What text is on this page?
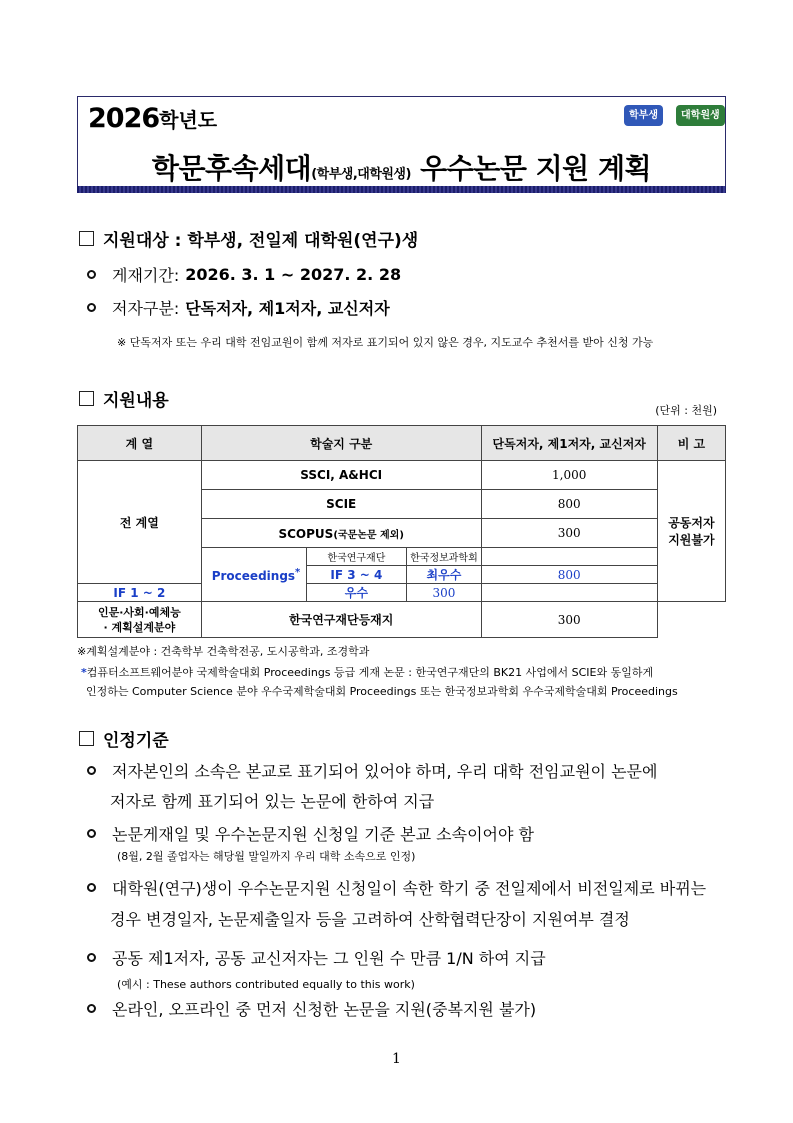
2026학년도	학부생	대학원생
학문후속세대(학부생,대학원생) 우수논문 지원 계획
지원대상 : 학부생, 전일제 대학원(연구)생
게재기간: 2026. 3. 1 ~ 2027. 2. 28
저자구분: 단독저자, 제1저자, 교신저자
※ 단독저자 또는 우리 대학 전임교원이 함께 저자로 표기되어 있지 않은 경우, 지도교수 추천서를 받아 신청 가능
지원내용	(단위 : 천원)
계 열	학술지 구분			단독저자, 제1저자, 교신저자	비 고
전 계열	SSCI, A&HCI			1,000	공동저자
지원불가

	SCIE			800	
	SCOPUS(국문논문 제외)			300	
	Proceedings*	한국연구재단	한국정보과학회		
		IF 3 ~ 4	최우수	800	
IF 1 ~ 2		우수	300		

인문·사회·예체능
· 계획설계분야	한국연구재단등재지			300	
※계획설계분야 : 건축학부 건축학전공, 도시공학과, 조경학과
*컴퓨터소프트웨어분야 국제학술대회 Proceedings 등급 게재 논문 : 한국연구재단의 BK21 사업에서 SCIE와 동일하게
인정하는 Computer Science 분야 우수국제학술대회 Proceedings 또는 한국정보과학회 우수국제학술대회 Proceedings
인정기준
저자본인의 소속은 본교로 표기되어 있어야 하며, 우리 대학 전임교원이 논문에
저자로 함께 표기되어 있는 논문에 한하여 지급
논문게재일 및 우수논문지원 신청일 기준 본교 소속이어야 함
(8월, 2월 졸업자는 해당월 말일까지 우리 대학 소속으로 인정)
대학원(연구)생이 우수논문지원 신청일이 속한 학기 중 전일제에서 비전일제로 바뀌는
경우 변경일자, 논문제출일자 등을 고려하여 산학협력단장이 지원여부 결정
공동 제1저자, 공동 교신저자는 그 인원 수 만큼 1/N 하여 지급
(예시 : These authors contributed equally to this work)
온라인, 오프라인 중 먼저 신청한 논문을 지원(중복지원 불가)
1
